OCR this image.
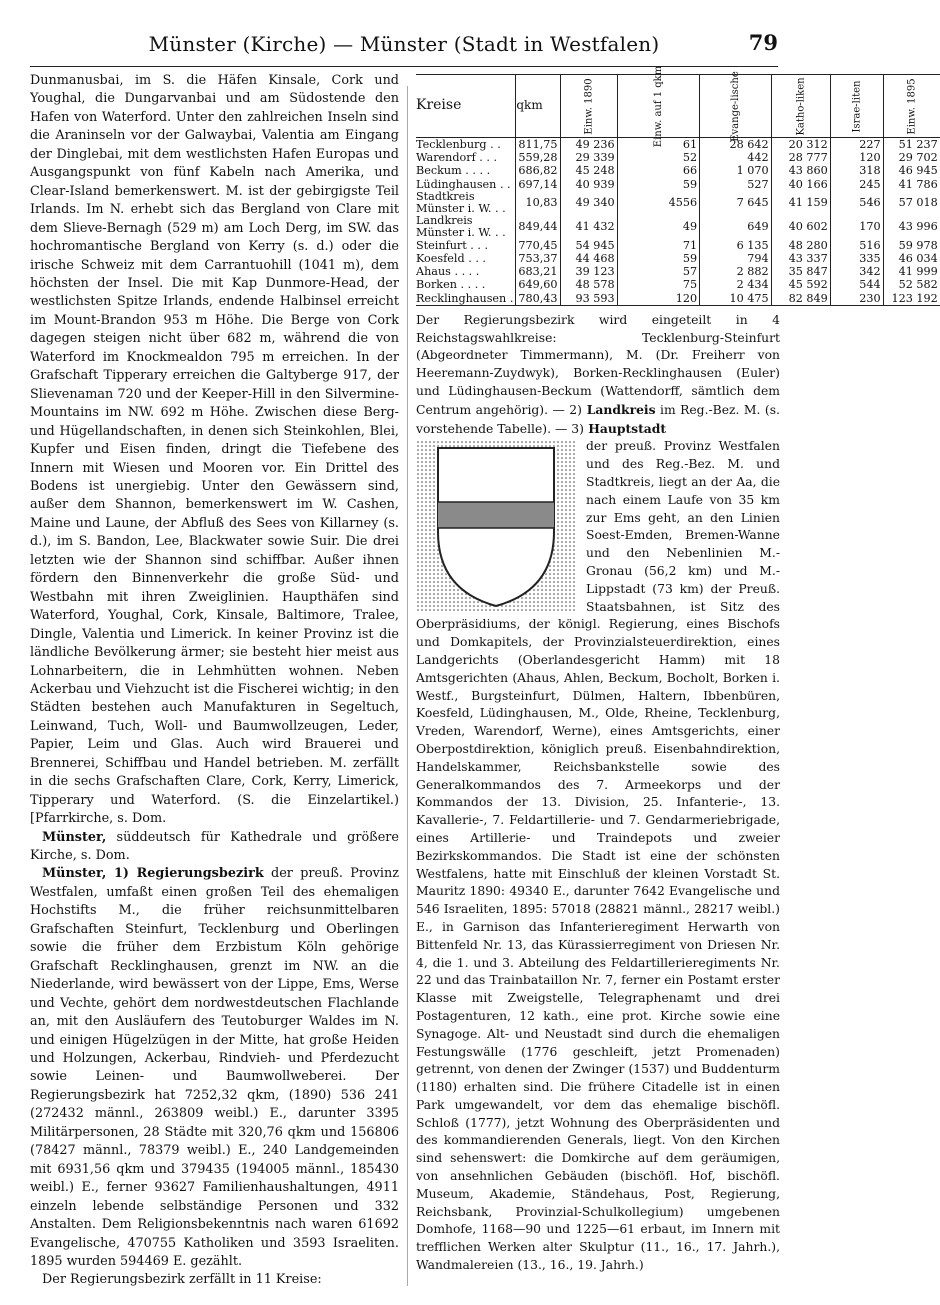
Münster (Kirche) — Münster (Stadt in Westfalen)	79

Dunmanusbai, im S. die Häfen Kinsale, Cork und Youghal, die Dungarvanbai und am Südostende den Hafen von Waterford. Unter den zahlreichen Inseln sind die Araninseln vor der Galwaybai, Valentia am Eingang der Dinglebai, mit dem westlichsten Hafen Europas und Ausgangspunkt von fünf Kabeln nach Amerika, und Clear-Island bemerkenswert. M. ist der gebirgigste Teil Irlands. Im N. erhebt sich das Bergland von Clare mit dem Slieve-Bernagh (529 m) am Loch Derg, im SW. das hochromantische Bergland von Kerry (s. d.) oder die irische Schweiz mit dem Carrantuohill (1041 m), dem höchsten der Insel. Die mit Kap Dunmore-Head, der westlichsten Spitze Irlands, endende Halbinsel erreicht im Mount-Brandon 953 m Höhe. Die Berge von Cork dagegen steigen nicht über 682 m, während die von Waterford im Knockmealdon 795 m erreichen. In der Grafschaft Tipperary erreichen die Galtyberge 917, der Slievenaman 720 und der Keeper-Hill in den Silvermine-Mountains im NW. 692 m Höhe. Zwischen diese Berg- und Hügellandschaften, in denen sich Steinkohlen, Blei, Kupfer und Eisen finden, dringt die Tiefebene des Innern mit Wiesen und Mooren vor. Ein Drittel des Bodens ist unergiebig. Unter den Gewässern sind, außer dem Shannon, bemerkenswert im W. Cashen, Maine und Laune, der Abfluß des Sees von Killarney (s. d.), im S. Bandon, Lee, Blackwater sowie Suir. Die drei letzten wie der Shannon sind schiffbar. Außer ihnen fördern den Binnenverkehr die große Süd- und Westbahn mit ihren Zweiglinien. Haupthäfen sind Waterford, Youghal, Cork, Kinsale, Baltimore, Tralee, Dingle, Valentia und Limerick. In keiner Provinz ist die ländliche Bevölkerung ärmer; sie besteht hier meist aus Lohnarbeitern, die in Lehmhütten wohnen. Neben Ackerbau und Viehzucht ist die Fischerei wichtig; in den Städten bestehen auch Manufakturen in Segeltuch, Leinwand, Tuch, Woll- und Baumwollzeugen, Leder, Papier, Leim und Glas. Auch wird Brauerei und Brennerei, Schiffbau und Handel betrieben. M. zerfällt in die sechs Grafschaften Clare, Cork, Kerry, Limerick, Tipperary und Waterford. (S. die Einzelartikel.) [Pfarrkirche, s. Dom.

Münster, süddeutsch für Kathedrale und größere Kirche, s. Dom.

Münster, 1) Regierungsbezirk der preuß. Provinz Westfalen, umfaßt einen großen Teil des ehemaligen Hochstifts M., die früher reichsunmittelbaren Grafschaften Steinfurt, Tecklenburg und Oberlingen sowie die früher dem Erzbistum Köln gehörige Grafschaft Recklinghausen, grenzt im NW. an die Niederlande, wird bewässert von der Lippe, Ems, Werse und Vechte, gehört dem nordwestdeutschen Flachlande an, mit den Ausläufern des Teutoburger Waldes im N. und einigen Hügelzügen in der Mitte, hat große Heiden und Holzungen, Ackerbau, Rindvieh- und Pferdezucht sowie Leinen- und Baumwollweberei. Der Regierungsbezirk hat 7252,32 qkm, (1890) 536 241 (272432 männl., 263809 weibl.) E., darunter 3395 Militärpersonen, 28 Städte mit 320,76 qkm und 156806 (78427 männl., 78379 weibl.) E., 240 Landgemeinden mit 6931,56 qkm und 379435 (194005 männl., 185430 weibl.) E., ferner 93627 Familienhaushaltungen, 4911 einzeln lebende selbständige Personen und 332 Anstalten. Dem Religionsbekenntnis nach waren 61692 Evangelische, 470755 Katholiken und 3593 Israeliten. 1895 wurden 594469 E. gezählt.

Der Regierungsbezirk zerfällt in 11 Kreise:

Kreise	qkm	Einw. 1890	Einw. auf 1 qkm	Evange-lische	Katho-liken	Israe-liten	Einw. 1895
Tecklenburg . .	811,75	49 236	61	28 642	20 312	227	51 237
Warendorf . . .	559,28	29 339	52	442	28 777	120	29 702
Beckum . . . .	686,82	45 248	66	1 070	43 860	318	46 945
Lüdinghausen . .	697,14	40 939	59	527	40 166	245	41 786
Stadtkreis Münster i. W. . .	10,83	49 340	4556	7 645	41 159	546	57 018
Landkreis Münster i. W. . .	849,44	41 432	49	649	40 602	170	43 996
Steinfurt . . .	770,45	54 945	71	6 135	48 280	516	59 978
Koesfeld . . .	753,37	44 468	59	794	43 337	335	46 034
Ahaus . . . .	683,21	39 123	57	2 882	35 847	342	41 999
Borken . . . .	649,60	48 578	75	2 434	45 592	544	52 582
Recklinghausen .	780,43	93 593	120	10 475	82 849	230	123 192

Der Regierungsbezirk wird eingeteilt in 4 Reichstagswahlkreise: Tecklenburg-Steinfurt (Abgeordneter Timmermann), M. (Dr. Freiherr von Heeremann-Zuydwyk), Borken-Recklinghausen (Euler) und Lüdinghausen-Beckum (Wattendorff, sämtlich dem Centrum angehörig). — 2) Landkreis im Reg.-Bez. M. (s. vorstehende Tabelle). — 3) Hauptstadt

der preuß. Provinz Westfalen und des Reg.-Bez. M. und Stadtkreis, liegt an der Aa, die nach einem Laufe von 35 km zur Ems geht, an den Linien Soest-Emden, Bremen-Wanne und den Nebenlinien M.-Gronau (56,2 km) und M.-Lippstadt (73 km) der Preuß. Staatsbahnen, ist Sitz des Oberpräsidiums, der königl. Regierung, eines Bischofs und Domkapitels, der Provinzialsteuerdirektion, eines Landgerichts (Oberlandesgericht Hamm) mit 18 Amtsgerichten (Ahaus, Ahlen, Beckum, Bocholt, Borken i. Westf., Burgsteinfurt, Dülmen, Haltern, Ibbenbüren, Koesfeld, Lüdinghausen, M., Olde, Rheine, Tecklenburg, Vreden, Warendorf, Werne), eines Amtsgerichts, einer Oberpostdirektion, königlich preuß. Eisenbahndirektion, Handelskammer, Reichsbankstelle sowie des Generalkommandos des 7. Armeekorps und der Kommandos der 13. Division, 25. Infanterie-, 13. Kavallerie-, 7. Feldartillerie- und 7. Gendarmeriebrigade, eines Artillerie- und Traindepots und zweier Bezirkskommandos. Die Stadt ist eine der schönsten Westfalens, hatte mit Einschluß der kleinen Vorstadt St. Mauritz 1890: 49340 E., darunter 7642 Evangelische und 546 Israeliten, 1895: 57018 (28821 männl., 28217 weibl.) E., in Garnison das Infanterieregiment Herwarth von Bittenfeld Nr. 13, das Kürassierregiment von Driesen Nr. 4, die 1. und 3. Abteilung des Feldartillerieregiments Nr. 22 und das Trainbataillon Nr. 7, ferner ein Postamt erster Klasse mit Zweigstelle, Telegraphenamt und drei Postagenturen, 12 kath., eine prot. Kirche sowie eine Synagoge. Alt- und Neustadt sind durch die ehemaligen Festungswälle (1776 geschleift, jetzt Promenaden) getrennt, von denen der Zwinger (1537) und Buddenturm (1180) erhalten sind. Die frühere Citadelle ist in einen Park umgewandelt, vor dem das ehemalige bischöfl. Schloß (1777), jetzt Wohnung des Oberpräsidenten und des kommandierenden Generals, liegt. Von den Kirchen sind sehenswert: die Domkirche auf dem geräumigen, von ansehnlichen Gebäuden (bischöfl. Hof, bischöfl. Museum, Akademie, Ständehaus, Post, Regierung, Reichsbank, Provinzial-Schulkollegium) umgebenen Domhofe, 1168—90 und 1225—61 erbaut, im Innern mit trefflichen Werken alter Skulptur (11., 16., 17. Jahrh.), Wandmalereien (13., 16., 19. Jahrh.)
